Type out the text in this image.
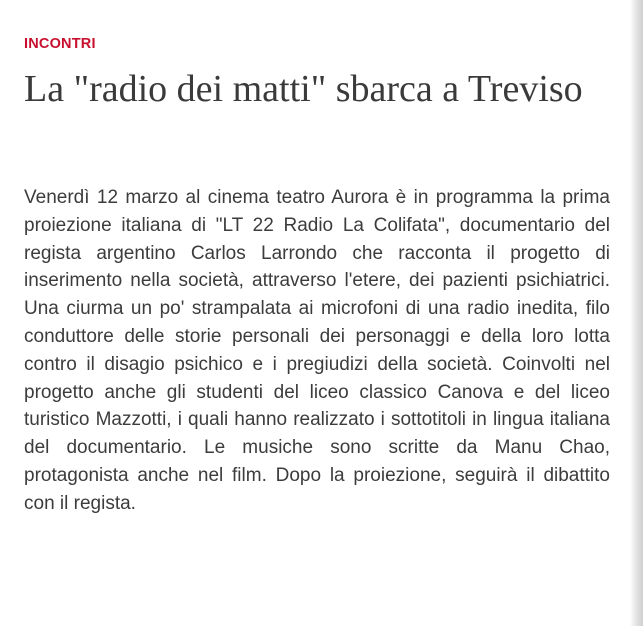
INCONTRI
La "radio dei matti" sbarca a Treviso

Venerdì 12 marzo al cinema teatro Aurora è in programma la prima proiezione italiana di "LT 22 Radio La Colifata", documentario del regista argentino Carlos Larrondo che racconta il progetto di inserimento nella società, attraverso l'etere, dei pazienti psichiatrici. Una ciurma un po' strampalata ai microfoni di una radio inedita, filo conduttore delle storie personali dei personaggi e della loro lotta contro il disagio psichico e i pregiudizi della società. Coinvolti nel progetto anche gli studenti del liceo classico Canova e del liceo turistico Mazzotti, i quali hanno realizzato i sottotitoli in lingua italiana del documentario. Le musiche sono scritte da Manu Chao, protagonista anche nel film. Dopo la proiezione, seguirà il dibattito con il regista.
